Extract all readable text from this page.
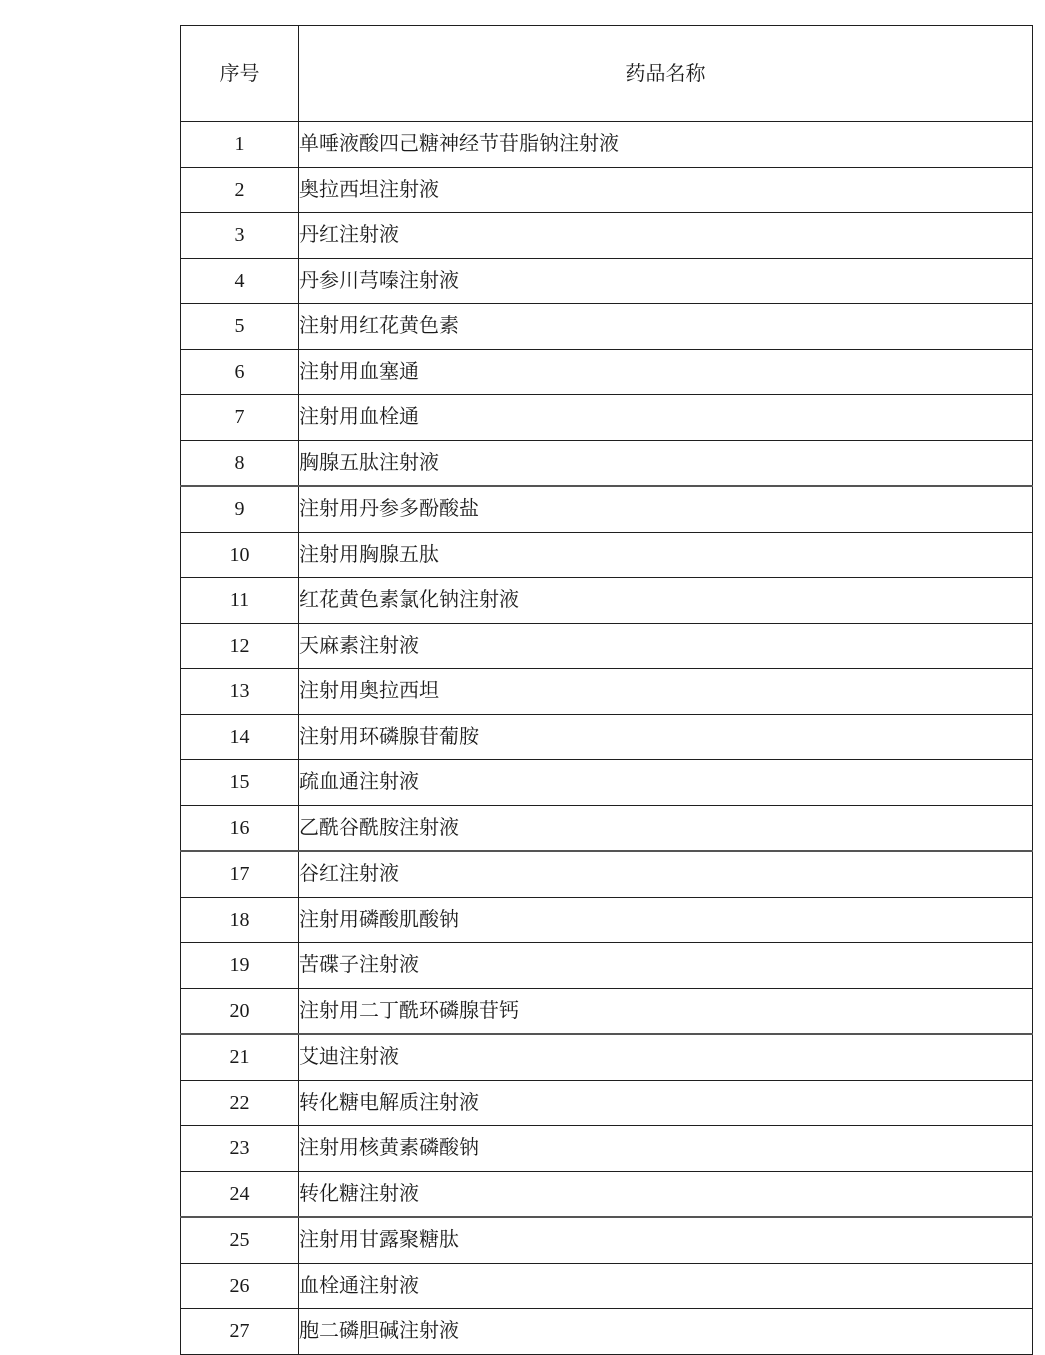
序号	药品名称
1	单唾液酸四己糖神经节苷脂钠注射液
2	奥拉西坦注射液
3	丹红注射液
4	丹参川芎嗪注射液
5	注射用红花黄色素
6	注射用血塞通
7	注射用血栓通
8	胸腺五肽注射液
9	注射用丹参多酚酸盐
10	注射用胸腺五肽
11	红花黄色素氯化钠注射液
12	天麻素注射液
13	注射用奥拉西坦
14	注射用环磷腺苷葡胺
15	疏血通注射液
16	乙酰谷酰胺注射液
17	谷红注射液
18	注射用磷酸肌酸钠
19	苦碟子注射液
20	注射用二丁酰环磷腺苷钙
21	艾迪注射液
22	转化糖电解质注射液
23	注射用核黄素磷酸钠
24	转化糖注射液
25	注射用甘露聚糖肽
26	血栓通注射液
27	胞二磷胆碱注射液
